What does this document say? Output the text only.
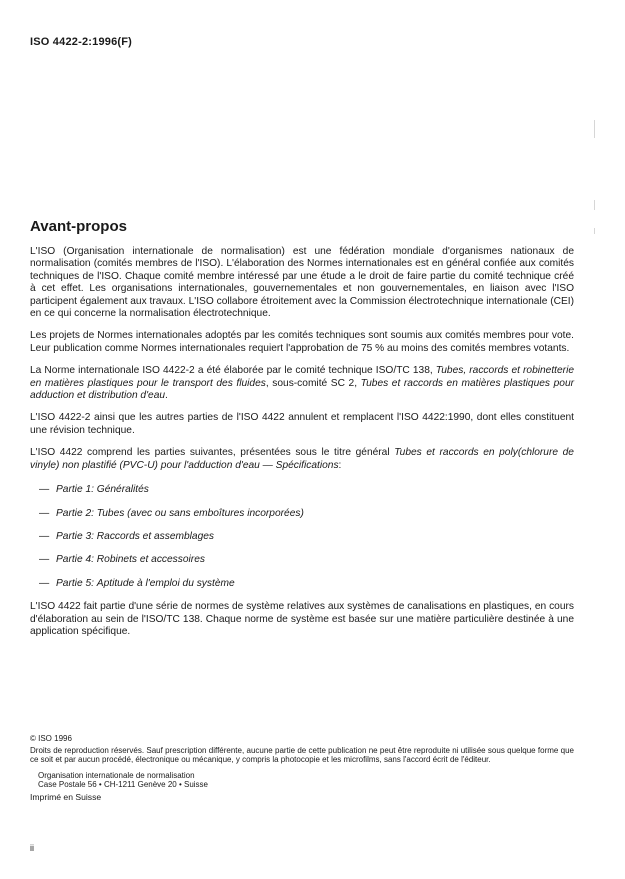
ISO 4422-2:1996(F)
Avant-propos

L'ISO (Organisation internationale de normalisation) est une fédération mondiale d'organismes nationaux de normalisation (comités membres de l'ISO). L'élaboration des Normes internationales est en général confiée aux comités techniques de l'ISO. Chaque comité membre intéressé par une étude a le droit de faire partie du comité technique créé à cet effet. Les organisations internationales, gouvernementales et non gouvernementales, en liaison avec l'ISO participent également aux travaux. L'ISO collabore étroitement avec la Commission électrotechnique internationale (CEI) en ce qui concerne la normalisation électrotechnique.

Les projets de Normes internationales adoptés par les comités techniques sont soumis aux comités membres pour vote. Leur publication comme Normes internationales requiert l'approbation de 75 % au moins des comités membres votants.

La Norme internationale ISO 4422-2 a été élaborée par le comité technique ISO/TC 138, Tubes, raccords et robinetterie en matières plastiques pour le transport des fluides, sous-comité SC 2, Tubes et raccords en matières plastiques pour adduction et distribution d'eau.

L'ISO 4422-2 ainsi que les autres parties de l'ISO 4422 annulent et remplacent l'ISO 4422:1990, dont elles constituent une révision technique.

L'ISO 4422 comprend les parties suivantes, présentées sous le titre général Tubes et raccords en poly(chlorure de vinyle) non plastifié (PVC-U) pour l'adduction d'eau — Spécifications:

— Partie 1: Généralités
— Partie 2: Tubes (avec ou sans emboîtures incorporées)
— Partie 3: Raccords et assemblages
— Partie 4: Robinets et accessoires
— Partie 5: Aptitude à l'emploi du système

L'ISO 4422 fait partie d'une série de normes de système relatives aux systèmes de canalisations en plastiques, en cours d'élaboration au sein de l'ISO/TC 138. Chaque norme de système est basée sur une matière particulière destinée à une application spécifique.

© ISO 1996
Droits de reproduction réservés. Sauf prescription différente, aucune partie de cette publication ne peut être reproduite ni utilisée sous quelque forme que ce soit et par aucun procédé, électronique ou mécanique, y compris la photocopie et les microfilms, sans l'accord écrit de l'éditeur.
Organisation internationale de normalisation
Case Postale 56 • CH-1211 Genève 20 • Suisse
Imprimé en Suisse
ii
